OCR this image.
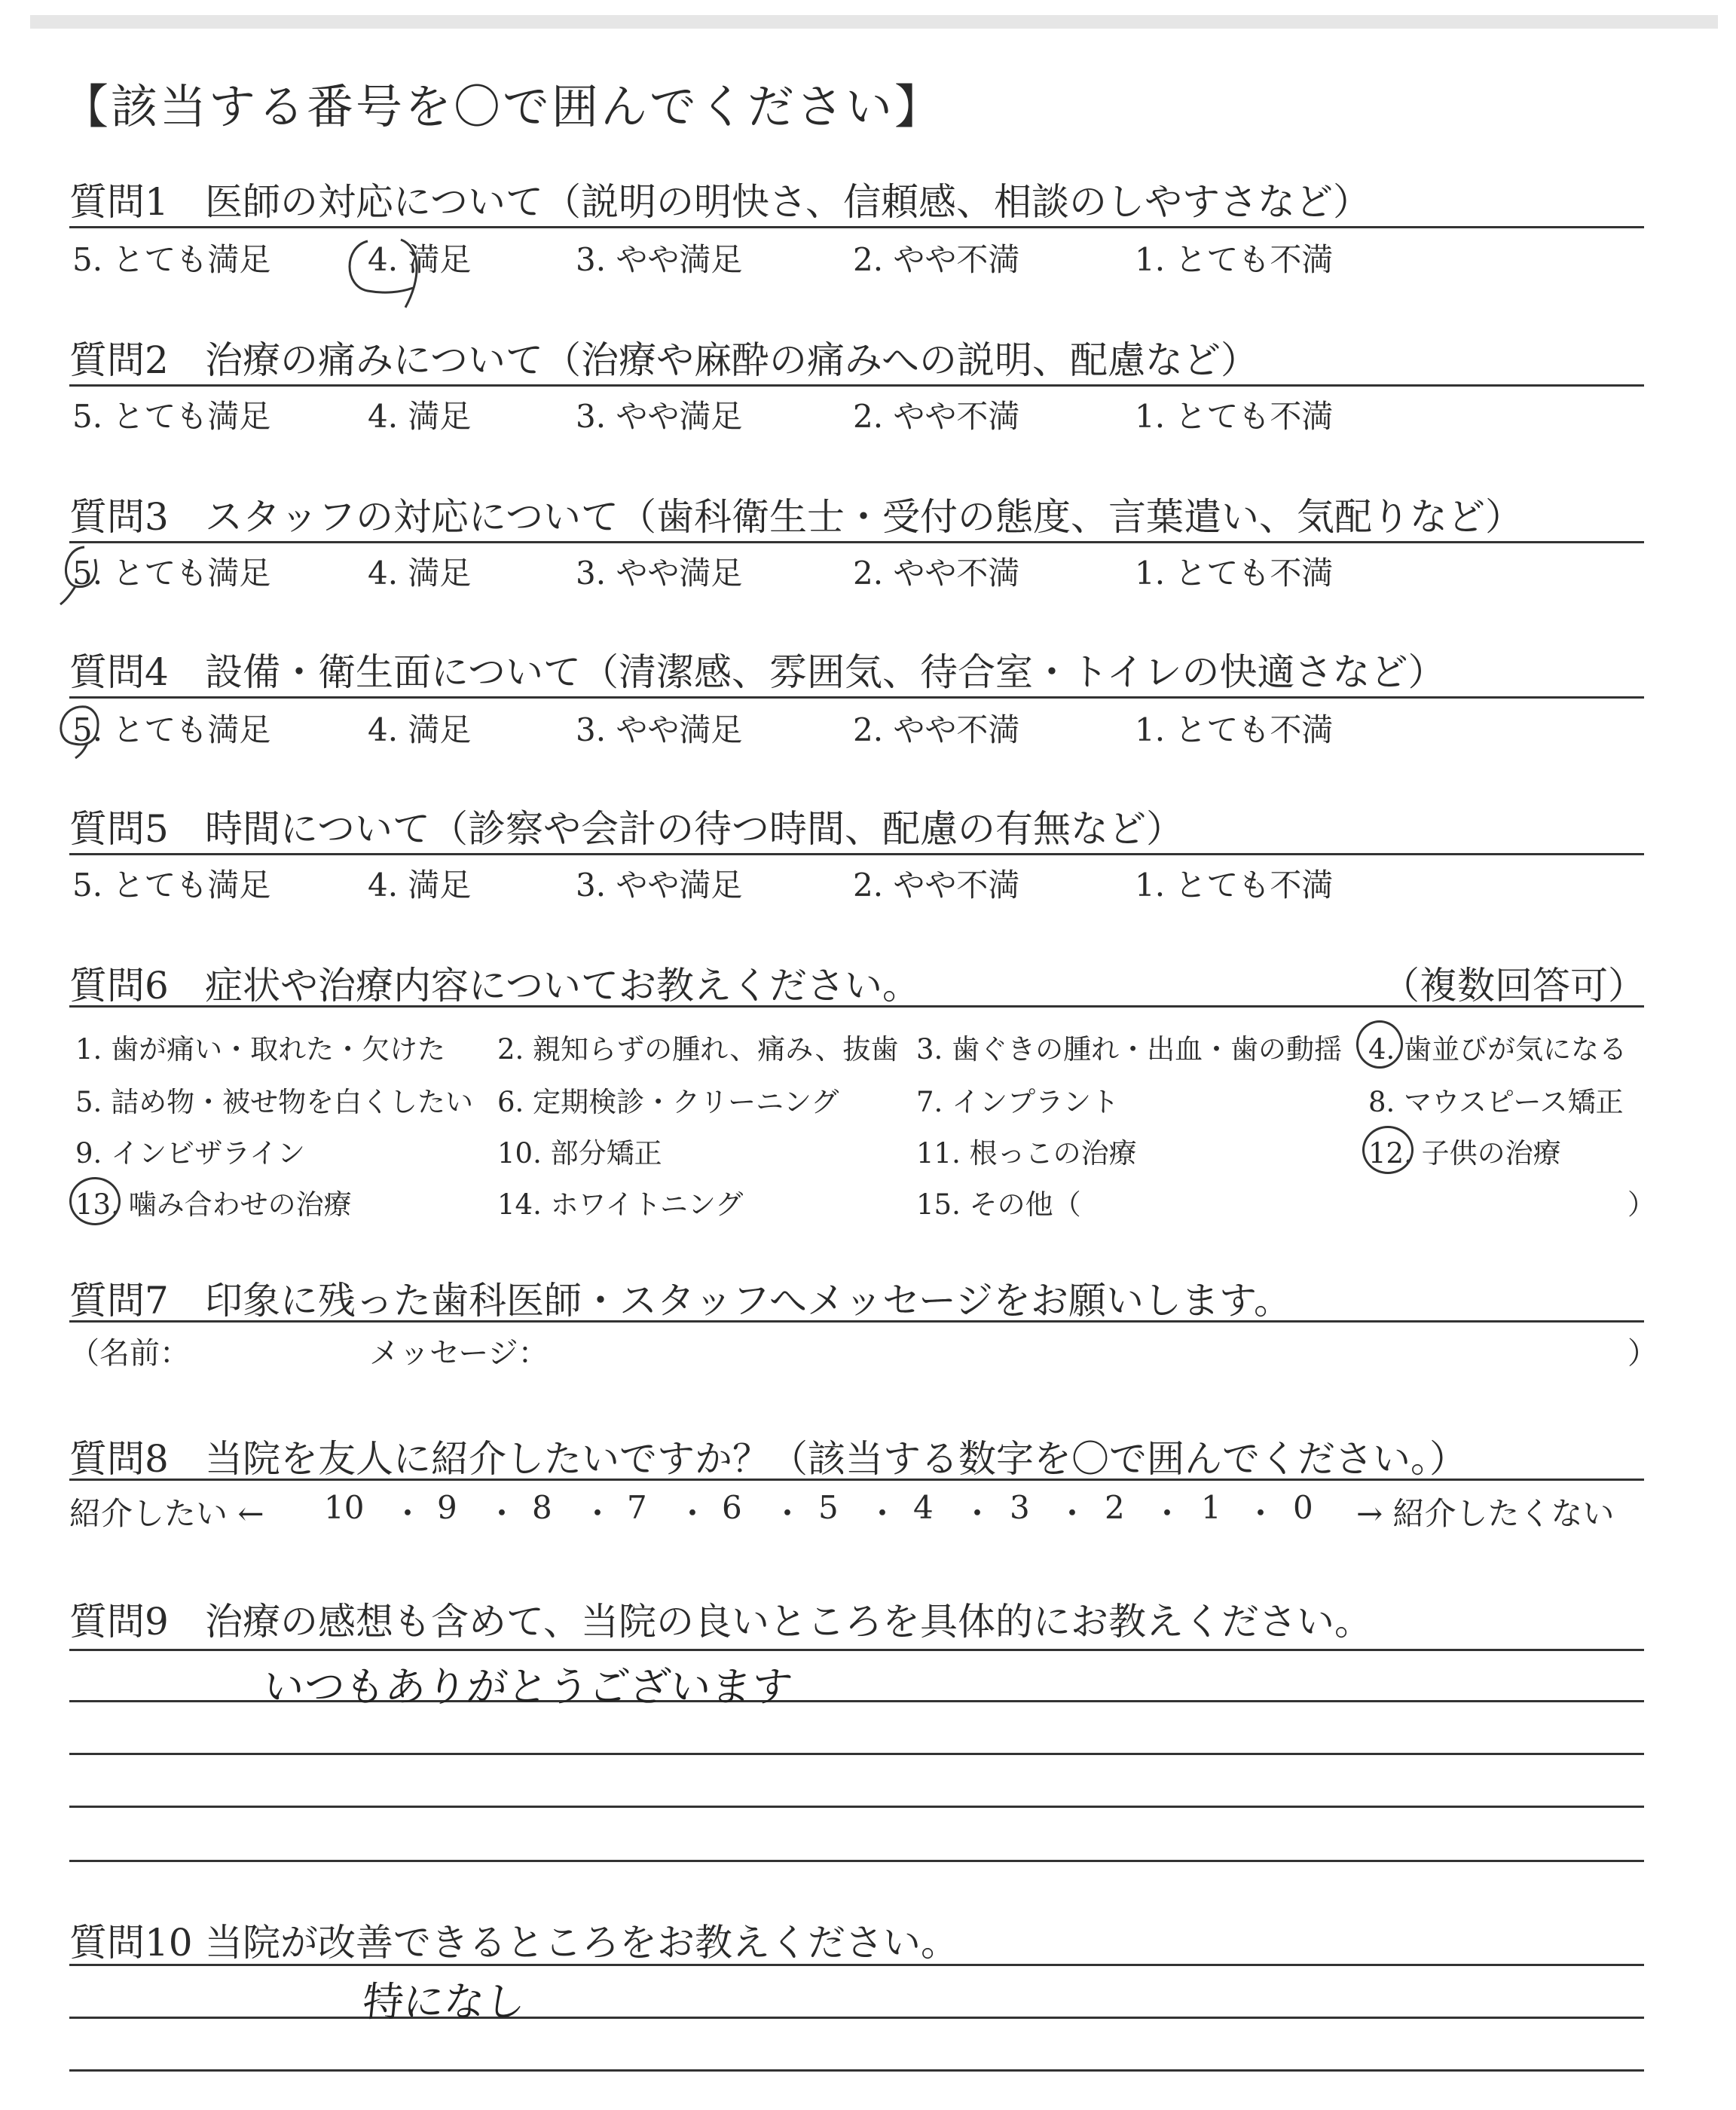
【該当する番号を〇で囲んでください】
質問1 医師の対応について（説明の明快さ、信頼感、相談のしやすさなど）
5. とても満足	4. 満足	3. やや満足	2. やや不満	1. とても不満
質問2 治療の痛みについて（治療や麻酔の痛みへの説明、配慮など）
5. とても満足	4. 満足	3. やや満足	2. やや不満	1. とても不満
質問3 スタッフの対応について（歯科衛生士・受付の態度、言葉遣い、気配りなど）
5. とても満足	4. 満足	3. やや満足	2. やや不満	1. とても不満
質問4 設備・衛生面について（清潔感、雰囲気、待合室・トイレの快適さなど）
5. とても満足	4. 満足	3. やや満足	2. やや不満	1. とても不満
質問5 時間について（診察や会計の待つ時間、配慮の有無など）
5. とても満足	4. 満足	3. やや満足	2. やや不満	1. とても不満
質問6 症状や治療内容についてお教えください。	（複数回答可）
1. 歯が痛い・取れた・欠けた 2. 親知らずの腫れ、痛み、抜歯 3. 歯ぐきの腫れ・出血・歯の動揺 4. 歯並びが気になる
5. 詰め物・被せ物を白くしたい 6. 定期検診・クリーニング	7. インプラント	8. マウスピース矯正
9. インビザライン	10. 部分矯正	11. 根っこの治療	12. 子供の治療
13. 噛み合わせの治療	14. ホワイトニング	15. その他（	）
質問7 印象に残った歯科医師・スタッフへメッセージをお願いします。
（名前：	メッセージ：	）
質問8 当院を友人に紹介したいですか？（該当する数字を〇で囲んでください。）
紹介したい ← 10 ・ 9 ・ 8 ・ 7 ・ 6 ・ 5 ・ 4 ・ 3 ・ 2 ・ 1 ・ 0 → 紹介したくない
質問9 治療の感想も含めて、当院の良いところを具体的にお教えください。
いつもありがとうございます
質問10 当院が改善できるところをお教えください。
特になし
